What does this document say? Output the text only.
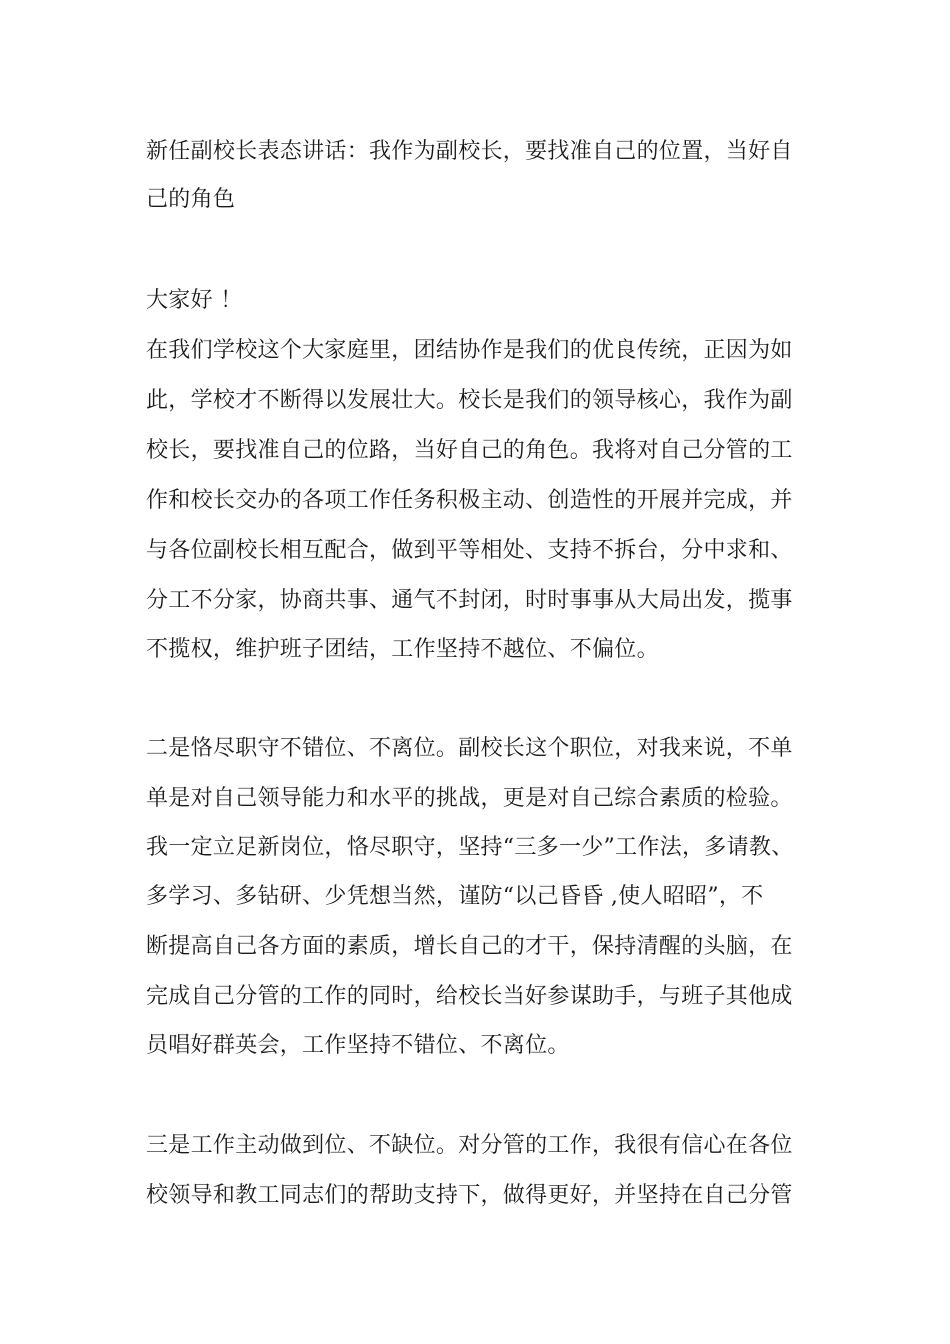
新任副校长表态讲话：我作为副校长，要找准自己的位置，当好自
己的角色
大家好 ！
在我们学校这个大家庭里，团结协作是我们的优良传统，正因为如
此，学校才不断得以发展壮大。校长是我们的领导核心，我作为副
校长，要找准自己的位路，当好自己的角色。我将对自己分管的工
作和校长交办的各项工作任务积极主动、创造性的开展并完成，并
与各位副校长相互配合，做到平等相处、支持不拆台，分中求和、
分工不分家，协商共事、通气不封闭，时时事事从大局出发，揽事
不揽权，维护班子团结，工作坚持不越位、不偏位。
二是恪尽职守不错位、不离位。副校长这个职位，对我来说，不单
单是对自己领导能力和水平的挑战，更是对自己综合素质的检验。
我一定立足新岗位，恪尽职守，坚持“三多一少”工作法，多请教、
多学习、多钻研、少凭想当然，谨防“以己昏昏 ,使人昭昭”，不
断提高自己各方面的素质，增长自己的才干，保持清醒的头脑，在
完成自己分管的工作的同时，给校长当好参谋助手，与班子其他成
员唱好群英会，工作坚持不错位、不离位。
三是工作主动做到位、不缺位。对分管的工作，我很有信心在各位
校领导和教工同志们的帮助支持下，做得更好，并坚持在自己分管
